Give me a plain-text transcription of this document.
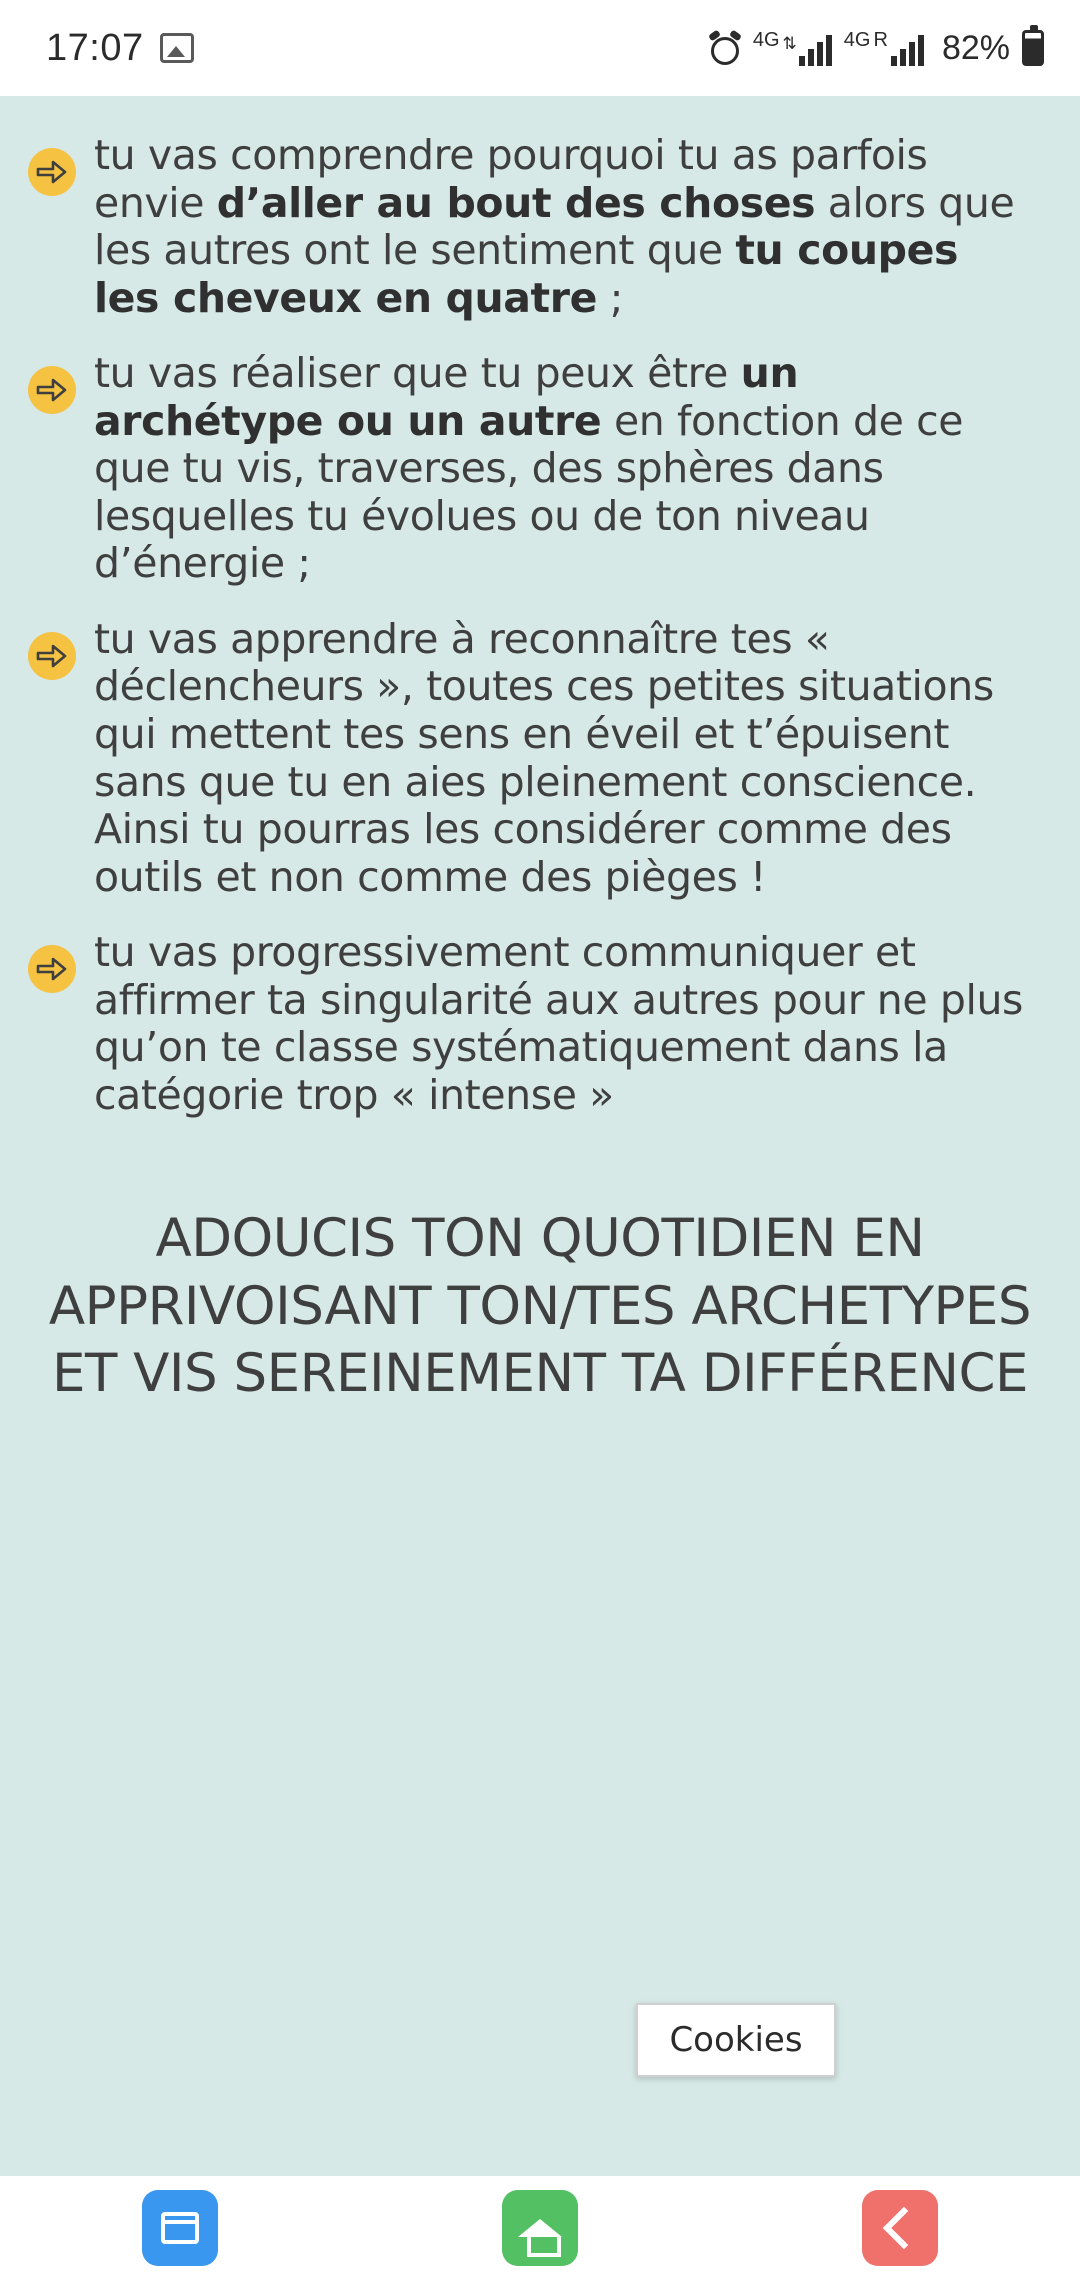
17:07	4G ⇅ 4G R 82%
tu vas comprendre pourquoi tu as parfois envie d’aller au bout des choses alors que les autres ont le sentiment que tu coupes les cheveux en quatre ;
tu vas réaliser que tu peux être un archétype ou un autre en fonction de ce que tu vis, traverses, des sphères dans lesquelles tu évolues ou de ton niveau d’énergie ;
tu vas apprendre à reconnaître tes « déclencheurs », toutes ces petites situations qui mettent tes sens en éveil et t’épuisent sans que tu en aies pleinement conscience. Ainsi tu pourras les considérer comme des outils et non comme des pièges !
tu vas progressivement communiquer et affirmer ta singularité aux autres pour ne plus qu’on te classe systématiquement dans la catégorie trop « intense »
ADOUCIS TON QUOTIDIEN EN APPRIVOISANT TON/TES ARCHETYPES ET VIS SEREINEMENT TA DIFFÉRENCE
Cookies
